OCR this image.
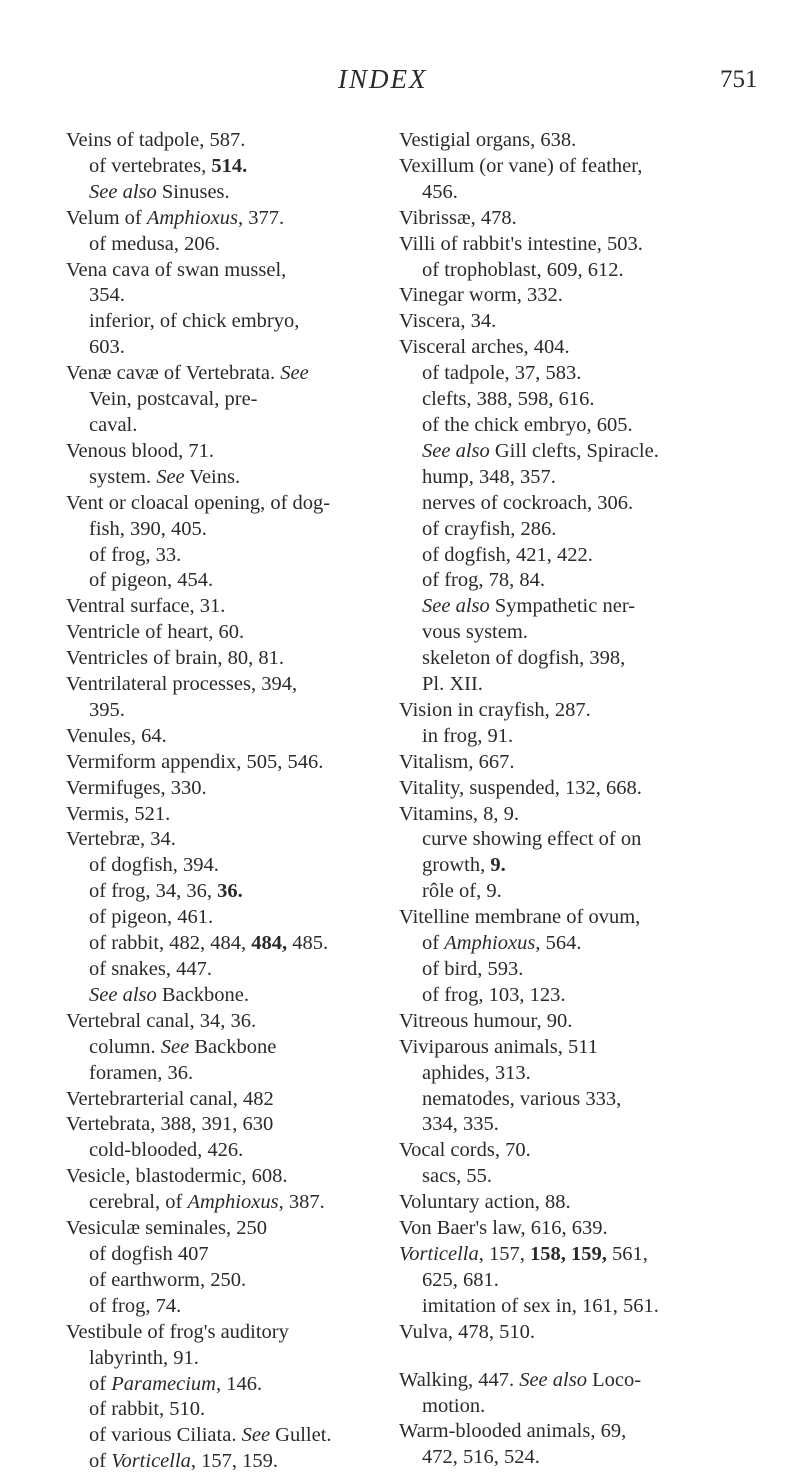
INDEX	751
Veins of tadpole, 587.
of vertebrates, 514.
See also Sinuses.
Velum of Amphioxus, 377.
of medusa, 206.
Vena cava of swan mussel,
354.
inferior, of chick embryo,
603.
Venæ cavæ of Vertebrata. See
Vein, postcaval, pre-
caval.
Venous blood, 71.
system. See Veins.
Vent or cloacal opening, of dog-
fish, 390, 405.
of frog, 33.
of pigeon, 454.
Ventral surface, 31.
Ventricle of heart, 60.
Ventricles of brain, 80, 81.
Ventrilateral processes, 394,
395.
Venules, 64.
Vermiform appendix, 505, 546.
Vermifuges, 330.
Vermis, 521.
Vertebræ, 34.
of dogfish, 394.
of frog, 34, 36, 36.
of pigeon, 461.
of rabbit, 482, 484, 484, 485.
of snakes, 447.
See also Backbone.
Vertebral canal, 34, 36.
column. See Backbone
foramen, 36.
Vertebrarterial canal, 482
Vertebrata, 388, 391, 630
cold-blooded, 426.
Vesicle, blastodermic, 608.
cerebral, of Amphioxus, 387.
Vesiculæ seminales, 250
of dogfish 407
of earthworm, 250.
of frog, 74.
Vestibule of frog's auditory
labyrinth, 91.
of Paramecium, 146.
of rabbit, 510.
of various Ciliata. See Gullet.
of Vorticella, 157, 159.
Vestigial organs, 638.
Vexillum (or vane) of feather,
456.
Vibrissæ, 478.
Villi of rabbit's intestine, 503.
of trophoblast, 609, 612.
Vinegar worm, 332.
Viscera, 34.
Visceral arches, 404.
of tadpole, 37, 583.
clefts, 388, 598, 616.
of the chick embryo, 605.
See also Gill clefts, Spiracle.
hump, 348, 357.
nerves of cockroach, 306.
of crayfish, 286.
of dogfish, 421, 422.
of frog, 78, 84.
See also Sympathetic ner-
vous system.
skeleton of dogfish, 398,
Pl. XII.
Vision in crayfish, 287.
in frog, 91.
Vitalism, 667.
Vitality, suspended, 132, 668.
Vitamins, 8, 9.
curve showing effect of on
growth, 9.
rôle of, 9.
Vitelline membrane of ovum,
of Amphioxus, 564.
of bird, 593.
of frog, 103, 123.
Vitreous humour, 90.
Viviparous animals, 511
aphides, 313.
nematodes, various 333,
334, 335.
Vocal cords, 70.
sacs, 55.
Voluntary action, 88.
Von Baer's law, 616, 639.
Vorticella, 157, 158, 159, 561,
625, 681.
imitation of sex in, 161, 561.
Vulva, 478, 510.
Walking, 447. See also Loco-
motion.
Warm-blooded animals, 69,
472, 516, 524.
